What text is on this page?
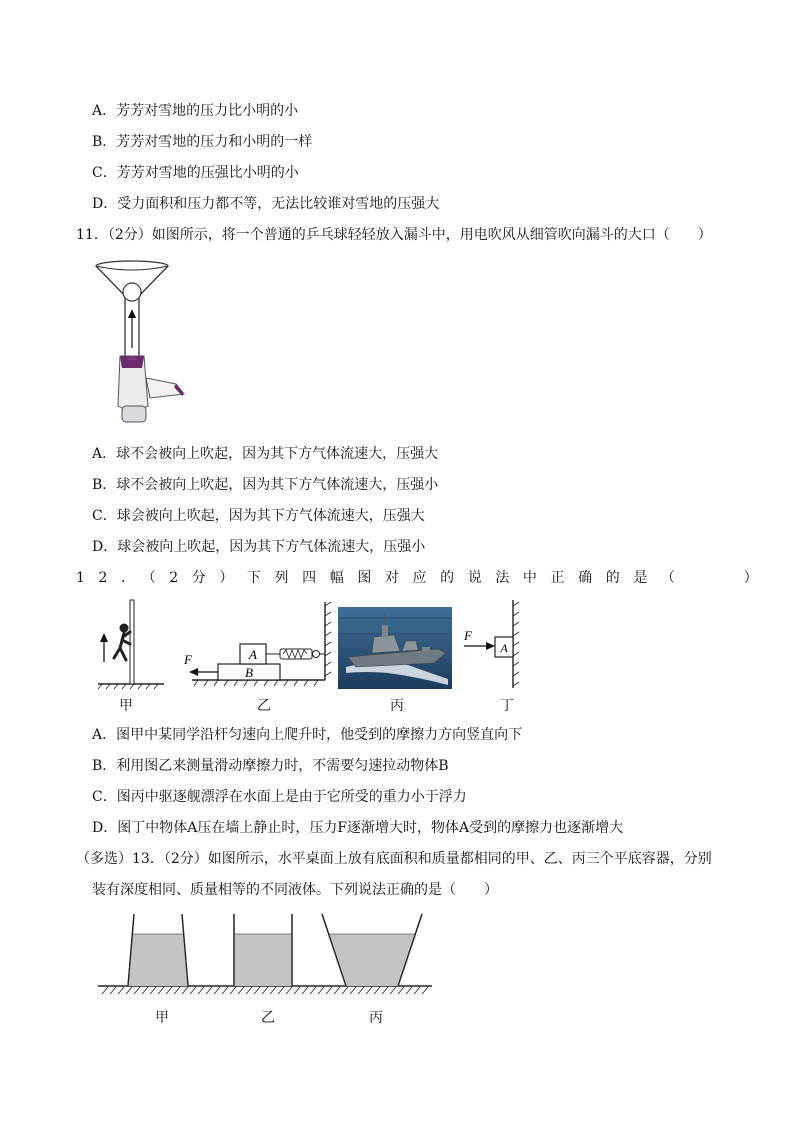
A．芳芳对雪地的压力比小明的小
B．芳芳对雪地的压力和小明的一样
C．芳芳对雪地的压强比小明的小
D．受力面积和压力都不等，无法比较谁对雪地的压强大
11．（2分）如图所示，将一个普通的乒乓球轻轻放入漏斗中，用电吹风从细管吹向漏斗的大口（　　）
A．球不会被向上吹起，因为其下方气体流速大，压强大
B．球不会被向上吹起，因为其下方气体流速大，压强小
C．球会被向上吹起，因为其下方气体流速大，压强大
D．球会被向上吹起，因为其下方气体流速大，压强小
12．（2分）下列四幅图对应的说法中正确的是（　　）
B
A
F
A
F
甲	乙	丙	丁
A．图甲中某同学沿杆匀速向上爬升时，他受到的摩擦力方向竖直向下
B．利用图乙来测量滑动摩擦力时，不需要匀速拉动物体B
C．图丙中驱逐舰漂浮在水面上是由于它所受的重力小于浮力
D．图丁中物体A压在墙上静止时，压力F逐渐增大时，物体A受到的摩擦力也逐渐增大
（多选）13．（2分）如图所示，水平桌面上放有底面积和质量都相同的甲、乙、丙三个平底容器，分别
装有深度相同、质量相等的不同液体。下列说法正确的是（　　）
甲	乙	丙
